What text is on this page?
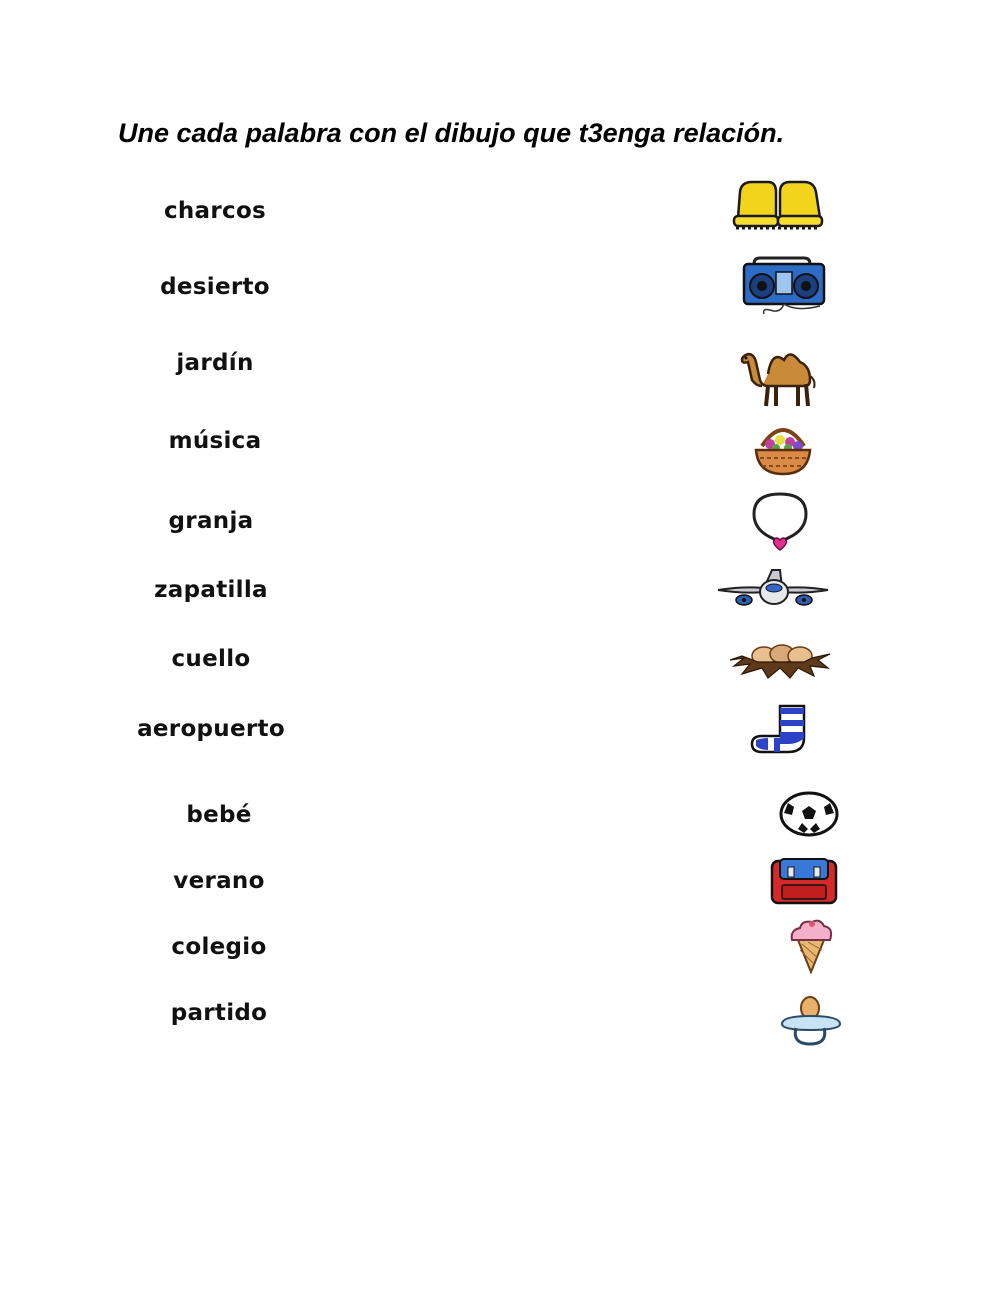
Une cada palabra con el dibujo que t3enga relación.
charcos
desierto
jardín
música
granja
zapatilla
cuello
aeropuerto
bebé
verano
colegio
partido
